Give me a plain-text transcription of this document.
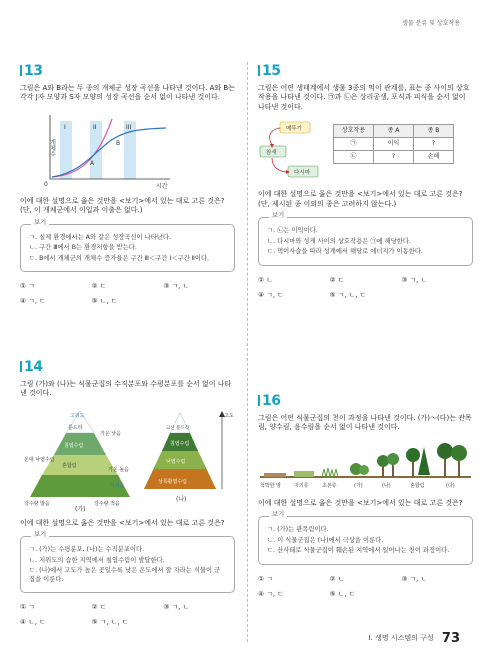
생물 분류 및 상호작용
13
그림은 A와 B라는 두 종의 개체군 성장 곡선을 나타낸 것이다. A와 B는 각각 J자 모양과 S자 모양의 성장 곡선을 순서 없이 나타낸 것이다.
개체수
시간
0
I	II	III
A
B
이에 대한 설명으로 옳은 것만을 <보기>에서 있는 대로 고른 것은? (단, 이 개체군에서 이입과 이출은 없다.)
보기
ㄱ. 실제 환경에서는 A와 같은 성장곡선이 나타난다.
ㄴ. 구간 Ⅲ에서 B는 환경저항을 받는다.
ㄷ. B에서 개체군의 개체수 증가율은 구간 Ⅲ＜구간 Ⅰ＜구간 Ⅱ이다.
① ㄱ	② ㄷ	③ ㄱ, ㄴ
④ ㄱ, ㄷ	⑤ ㄴ, ㄷ
14
그림 (가)와 (나)는 식물군집의 수직분포와 수평분포를 순서 없이 나타낸 것이다.
고위도
툰드라
기온 낮음
침엽수림
혼합림
온대 낙엽수림
기온 높음
저위도
강수량 많음	강수량 적음
(가)
고도
고산 툰드라
침엽수림
낙엽수림
상록활엽수림
(나)
이에 대한 설명으로 옳은 것만을 <보기>에서 있는 대로 고른 것은?
보기
ㄱ. (가)는 수평분포, (나)는 수직분포이다.
ㄴ. 저위도의 습한 지역에서 침엽수림이 발달한다.
ㄷ. (나)에서 고도가 높은 곳일수록 낮은 온도에서 잘 자라는 식물이 군집을 이룬다.
① ㄱ	② ㄷ	③ ㄱ, ㄴ
④ ㄴ, ㄷ	⑤ ㄱ, ㄴ, ㄷ
15
그림은 어떤 생태계에서 생물 3종의 먹이 관계를, 표는 종 사이의 상호작용을 나타낸 것이다. ㉠과 ㉡은 상리공생, 포식과 피식을 순서 없이 나타낸 것이다.
메뚜기
참새
다시마
상호작용	종 A	종 B
㉠	이익	?
㉡	?	손해
이에 대한 설명으로 옳은 것만을 <보기>에서 있는 대로 고른 것은? (단, 제시된 종 이외의 종은 고려하지 않는다.)
보기
ㄱ. ㉡는 이익이다.
ㄴ. 다시마와 성게 사이의 상호작용은 ㉠에 해당한다.
ㄷ. 먹이사슬을 따라 성게에서 해당로 에너지가 이동한다.
① ㄴ	② ㄷ	③ ㄱ, ㄴ
④ ㄱ, ㄷ	⑤ ㄱ, ㄴ, ㄷ
16
그림은 어떤 식물군집의 천이 과정을 나타낸 것이다. (가)～(다)는 관목림, 양수림, 음수림을 순서 없이 나타낸 것이다.
척박한 땅	지의류	초본류	(가)	(나)	혼합림	(다)
이에 대한 설명으로 옳은 것만을 <보기>에서 있는 대로 고른 것은?
보기
ㄱ. (가)는 관목림이다.
ㄴ. 이 식물군집은 (나)에서 극상을 이룬다.
ㄷ. 산사태로 식물군집이 훼손된 지역에서 일어나는 천이 과정이다.
① ㄱ	② ㄴ	③ ㄱ, ㄴ
④ ㄱ, ㄷ	⑤ ㄴ, ㄷ
Ⅰ. 생명 시스템의 구성 73
